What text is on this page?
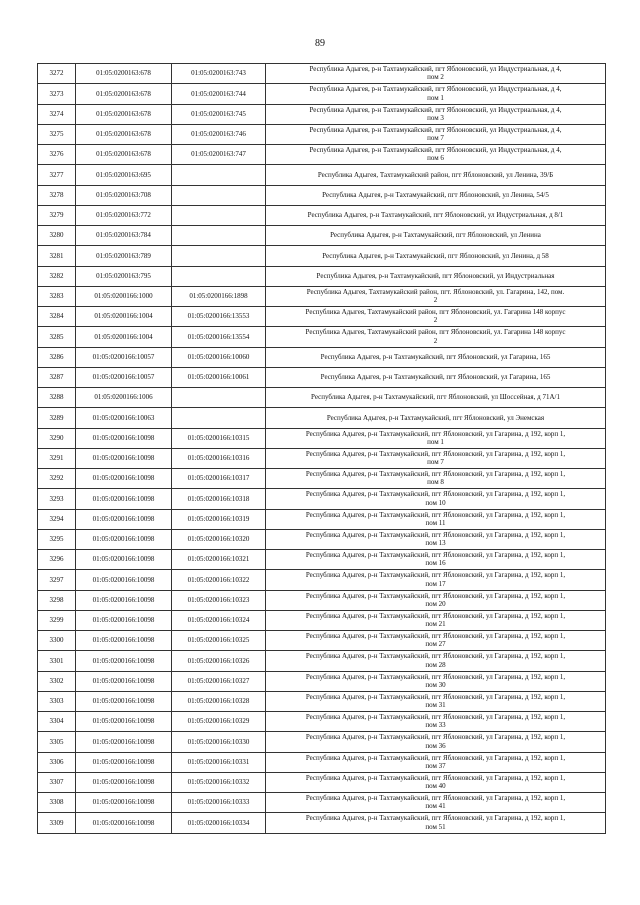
89
3272	01:05:0200163:678	01:05:0200163:743	Республика Адыгея, р-н Тахтамукайский, пгт Яблоновский, ул Индустриальная, д 4,
пом 2

3273	01:05:0200163:678	01:05:0200163:744	Республика Адыгея, р-н Тахтамукайский, пгт Яблоновский, ул Индустриальная, д 4,
пом 1

3274	01:05:0200163:678	01:05:0200163:745	Республика Адыгея, р-н Тахтамукайский, пгт Яблоновский, ул Индустриальная, д 4,
пом 3

3275	01:05:0200163:678	01:05:0200163:746	Республика Адыгея, р-н Тахтамукайский, пгт Яблоновский, ул Индустриальная, д 4,
пом 7

3276	01:05:0200163:678	01:05:0200163:747	Республика Адыгея, р-н Тахтамукайский, пгт Яблоновский, ул Индустриальная, д 4,
пом 6

3277	01:05:0200163:695		Республика Адыгея, Тахтамукайский район, пгт Яблоновский, ул Ленина, 39/Б

3278	01:05:0200163:708		Республика Адыгея, р-н Тахтамукайский, пгт Яблоновский, ул Ленина, 54/5

3279	01:05:0200163:772		Республика Адыгея, р-н Тахтамукайский, пгт Яблоновский, ул Индустриальная, д 8/1

3280	01:05:0200163:784		Республика Адыгея, р-н Тахтамукайский, пгт Яблоновский, ул Ленина

3281	01:05:0200163:789		Республика Адыгея, р-н Тахтамукайский, пгт Яблоновский, ул Ленина, д 58

3282	01:05:0200163:795		Республика Адыгея, р-н Тахтамукайский, пгт Яблоновский, ул Индустриальная

3283	01:05:0200166:1000	01:05:0200166:1898	Республика Адыгея, Тахтамукайский район, пгт. Яблоновский, ул. Гагарина, 142, пом.
2

3284	01:05:0200166:1004	01:05:0200166:13553	Республика Адыгея, Тахтамукайский район, пгт Яблоновский, ул. Гагарина 148 корпус
2

3285	01:05:0200166:1004	01:05:0200166:13554	Республика Адыгея, Тахтамукайский район, пгт Яблоновский, ул. Гагарина 148 корпус
2

3286	01:05:0200166:10057	01:05:0200166:10060	Республика Адыгея, р-н Тахтамукайский, пгт Яблоновский, ул Гагарина, 165

3287	01:05:0200166:10057	01:05:0200166:10061	Республика Адыгея, р-н Тахтамукайский, пгт Яблоновский, ул Гагарина, 165

3288	01:05:0200166:1006		Республика Адыгея, р-н Тахтамукайский, пгт Яблоновский, ул Шоссейная, д 71А/1

3289	01:05:0200166:10063		Республика Адыгея, р-н Тахтамукайский, пгт Яблоновский, ул Энемская

3290	01:05:0200166:10098	01:05:0200166:10315	Республика Адыгея, р-н Тахтамукайский, пгт Яблоновский, ул Гагарина, д 192, корп 1,
пом 1

3291	01:05:0200166:10098	01:05:0200166:10316	Республика Адыгея, р-н Тахтамукайский, пгт Яблоновский, ул Гагарина, д 192, корп 1,
пом 7

3292	01:05:0200166:10098	01:05:0200166:10317	Республика Адыгея, р-н Тахтамукайский, пгт Яблоновский, ул Гагарина, д 192, корп 1,
пом 8

3293	01:05:0200166:10098	01:05:0200166:10318	Республика Адыгея, р-н Тахтамукайский, пгт Яблоновский, ул Гагарина, д 192, корп 1,
пом 10

3294	01:05:0200166:10098	01:05:0200166:10319	Республика Адыгея, р-н Тахтамукайский, пгт Яблоновский, ул Гагарина, д 192, корп 1,
пом 11

3295	01:05:0200166:10098	01:05:0200166:10320	Республика Адыгея, р-н Тахтамукайский, пгт Яблоновский, ул Гагарина, д 192, корп 1,
пом 13

3296	01:05:0200166:10098	01:05:0200166:10321	Республика Адыгея, р-н Тахтамукайский, пгт Яблоновский, ул Гагарина, д 192, корп 1,
пом 16

3297	01:05:0200166:10098	01:05:0200166:10322	Республика Адыгея, р-н Тахтамукайский, пгт Яблоновский, ул Гагарина, д 192, корп 1,
пом 17

3298	01:05:0200166:10098	01:05:0200166:10323	Республика Адыгея, р-н Тахтамукайский, пгт Яблоновский, ул Гагарина, д 192, корп 1,
пом 20

3299	01:05:0200166:10098	01:05:0200166:10324	Республика Адыгея, р-н Тахтамукайский, пгт Яблоновский, ул Гагарина, д 192, корп 1,
пом 21

3300	01:05:0200166:10098	01:05:0200166:10325	Республика Адыгея, р-н Тахтамукайский, пгт Яблоновский, ул Гагарина, д 192, корп 1,
пом 27

3301	01:05:0200166:10098	01:05:0200166:10326	Республика Адыгея, р-н Тахтамукайский, пгт Яблоновский, ул Гагарина, д 192, корп 1,
пом 28

3302	01:05:0200166:10098	01:05:0200166:10327	Республика Адыгея, р-н Тахтамукайский, пгт Яблоновский, ул Гагарина, д 192, корп 1,
пом 30

3303	01:05:0200166:10098	01:05:0200166:10328	Республика Адыгея, р-н Тахтамукайский, пгт Яблоновский, ул Гагарина, д 192, корп 1,
пом 31

3304	01:05:0200166:10098	01:05:0200166:10329	Республика Адыгея, р-н Тахтамукайский, пгт Яблоновский, ул Гагарина, д 192, корп 1,
пом 33

3305	01:05:0200166:10098	01:05:0200166:10330	Республика Адыгея, р-н Тахтамукайский, пгт Яблоновский, ул Гагарина, д 192, корп 1,
пом 36

3306	01:05:0200166:10098	01:05:0200166:10331	Республика Адыгея, р-н Тахтамукайский, пгт Яблоновский, ул Гагарина, д 192, корп 1,
пом 37

3307	01:05:0200166:10098	01:05:0200166:10332	Республика Адыгея, р-н Тахтамукайский, пгт Яблоновский, ул Гагарина, д 192, корп 1,
пом 40

3308	01:05:0200166:10098	01:05:0200166:10333	Республика Адыгея, р-н Тахтамукайский, пгт Яблоновский, ул Гагарина, д 192, корп 1,
пом 41

3309	01:05:0200166:10098	01:05:0200166:10334	Республика Адыгея, р-н Тахтамукайский, пгт Яблоновский, ул Гагарина, д 192, корп 1,
пом 51
